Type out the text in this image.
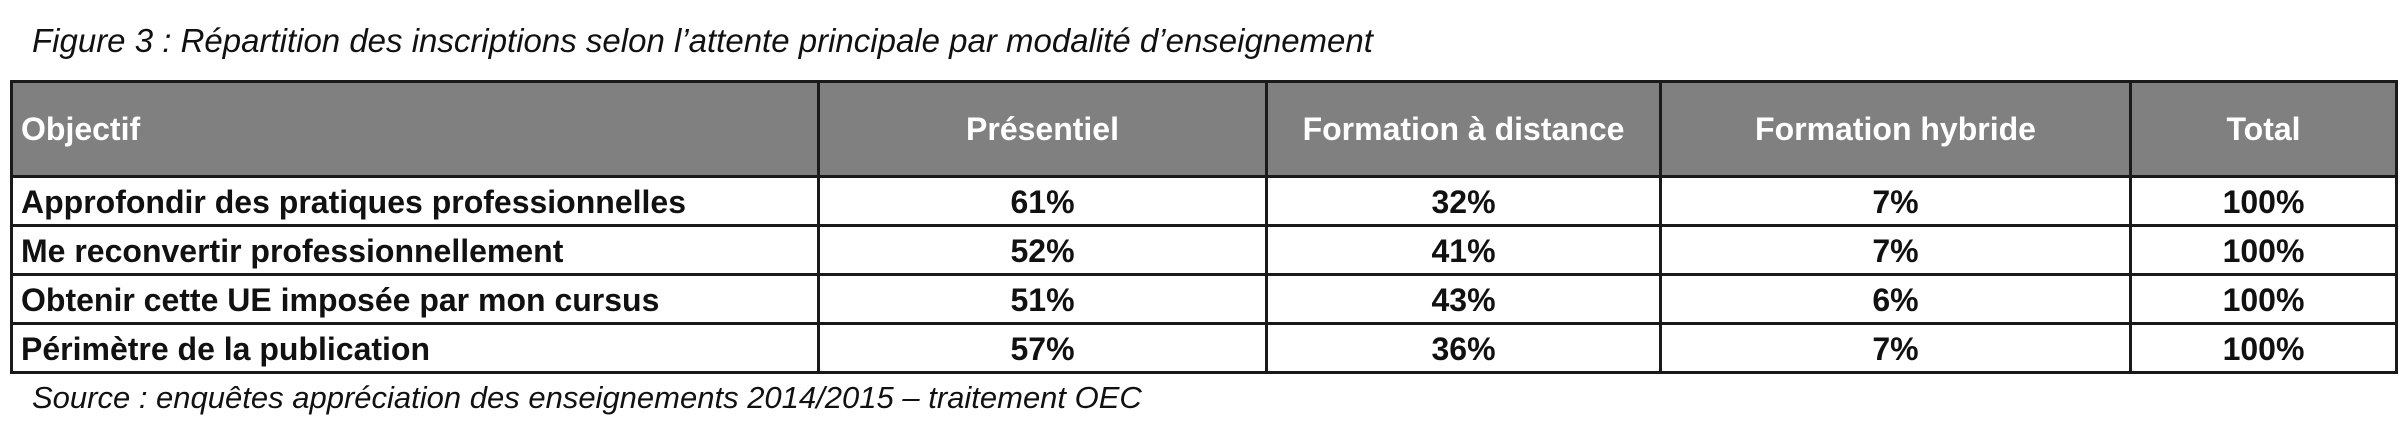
Figure 3 : Répartition des inscriptions selon l’attente principale par modalité d’enseignement
Objectif	Présentiel	Formation à distance	Formation hybride	Total
Approfondir des pratiques professionnelles	61%	32%	7%	100%
Me reconvertir professionnellement	52%	41%	7%	100%
Obtenir cette UE imposée par mon cursus	51%	43%	6%	100%
Périmètre de la publication	57%	36%	7%	100%
Source : enquêtes appréciation des enseignements 2014/2015 – traitement OEC
